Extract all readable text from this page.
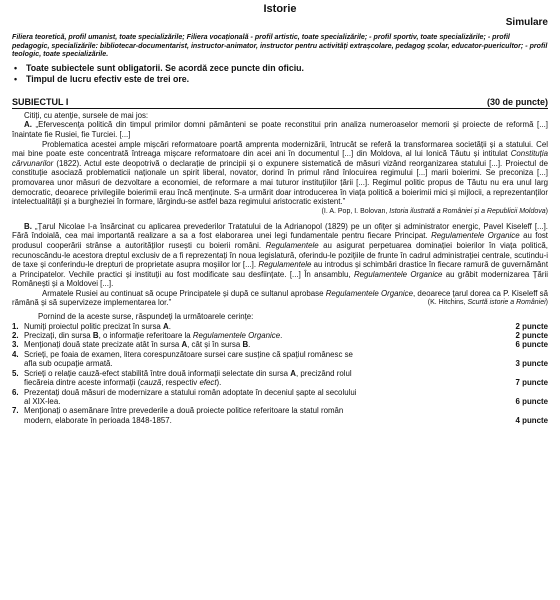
Istorie
Simulare
Filiera teoretică, profil umanist, toate specializările; Filiera vocațională - profil artistic, toate specializările; - profil sportiv, toate specializările; - profil pedagogic, specializările: bibliotecar-documentarist, instructor-animator, instructor pentru activități extrașcolare, pedagog școlar, educator-puericultor; - profil teologic, toate specializările.
• Toate subiectele sunt obligatorii. Se acordă zece puncte din oficiu.
• Timpul de lucru efectiv este de trei ore.
SUBIECTUL I	(30 de puncte)
Citiți, cu atenție, sursele de mai jos:
A. „Efervescența politică din timpul primilor domni pământeni se poate reconstitui prin analiza numeroaselor memorii și proiecte de reformă [...] înaintate fie Rusiei, fie Turciei. [...]
Problematica acestei ample mișcări reformatoare poartă amprenta modernizării, întrucât se referă la transformarea societății și a statului. Cel mai bine poate este concentrată întreaga mișcare reformatoare din acei ani în documentul [...] din Moldova, al lui Ionică Tăutu și intitulat Constituția cărvunarilor (1822). Actul este deopotrivă o declarație de principii și o expunere sistematică de măsuri vizând reorganizarea statului [...]. Proiectul de constituție asociază problematicii naționale un spirit liberal, novator, dorind în primul rând înlocuirea regimului [...] marii boierimi. Se preconiza [...] promovarea unor măsuri de dezvoltare a economiei, de reformare a mai tuturor instituțiilor țării [...]. Regimul politic propus de Tăutu nu era unul larg democratic, deoarece privilegiile boierimii erau încă menținute. S-a urmărit doar introducerea în viața politică a boierimii mici și mijlocii, a reprezentanților intelectualității și a burgheziei în formare, lărgindu-se astfel baza regimului aristocratic existent.”
(I. A. Pop, I. Bolovan, Istoria ilustrată a României și a Republicii Moldova)
B. „Țarul Nicolae I-a însărcinat cu aplicarea prevederilor Tratatului de la Adrianopol (1829) pe un ofițer și administrator energic, Pavel Kiseleff [...]. Fără îndoială, cea mai importantă realizare a sa a fost elaborarea unei legi fundamentale pentru fiecare Principat. Regulamentele Organice au fost produsul cooperării strânse a autorităților rusești cu boierii români. Regulamentele au asigurat perpetuarea dominației boierilor în viața politică, recunoscându-le acestora dreptul exclusiv de a fi reprezentați în noua legislatură, oferindu-le pozițiile de frunte în cadrul administrației centrale, scutindu-i de taxe și conferindu-le drepturi de proprietate asupra moșiilor lor [...]. Regulamentele au introdus și schimbări drastice în fiecare ramură de guvernământ a Principatelor. Vechile practici și instituții au fost modificate sau desființate. [...] În ansamblu, Regulamentele Organice au grăbit modernizarea Țării Românești și a Moldovei [...].
Armatele Rusiei au continuat să ocupe Principatele și după ce sultanul aprobase Regulamentele Organice, deoarece țarul dorea ca P. Kiseleff să rămână și să supervizeze implementarea lor.”	(K. Hitchins, Scurtă istorie a României)
Pornind de la aceste surse, răspundeți la următoarele cerințe:
1. Numiți proiectul politic precizat în sursa A.	2 puncte
2. Precizați, din sursa B, o informație referitoare la Regulamentele Organice.	2 puncte
3. Menționați două state precizate atât în sursa A, cât și în sursa B.	6 puncte
4. Scrieți, pe foaia de examen, litera corespunzătoare sursei care susține că spațiul românesc se
afla sub ocupație armată.	3 puncte
5. Scrieți o relație cauză-efect stabilită între două informații selectate din sursa A, precizând rolul
fiecăreia dintre aceste informații (cauză, respectiv efect).	7 puncte
6. Prezentați două măsuri de modernizare a statului român adoptate în deceniul șapte al secolului
al XIX-lea.	6 puncte
7. Menționați o asemănare între prevederile a două proiecte politice referitoare la statul român
modern, elaborate în perioada 1848-1857.	4 puncte
